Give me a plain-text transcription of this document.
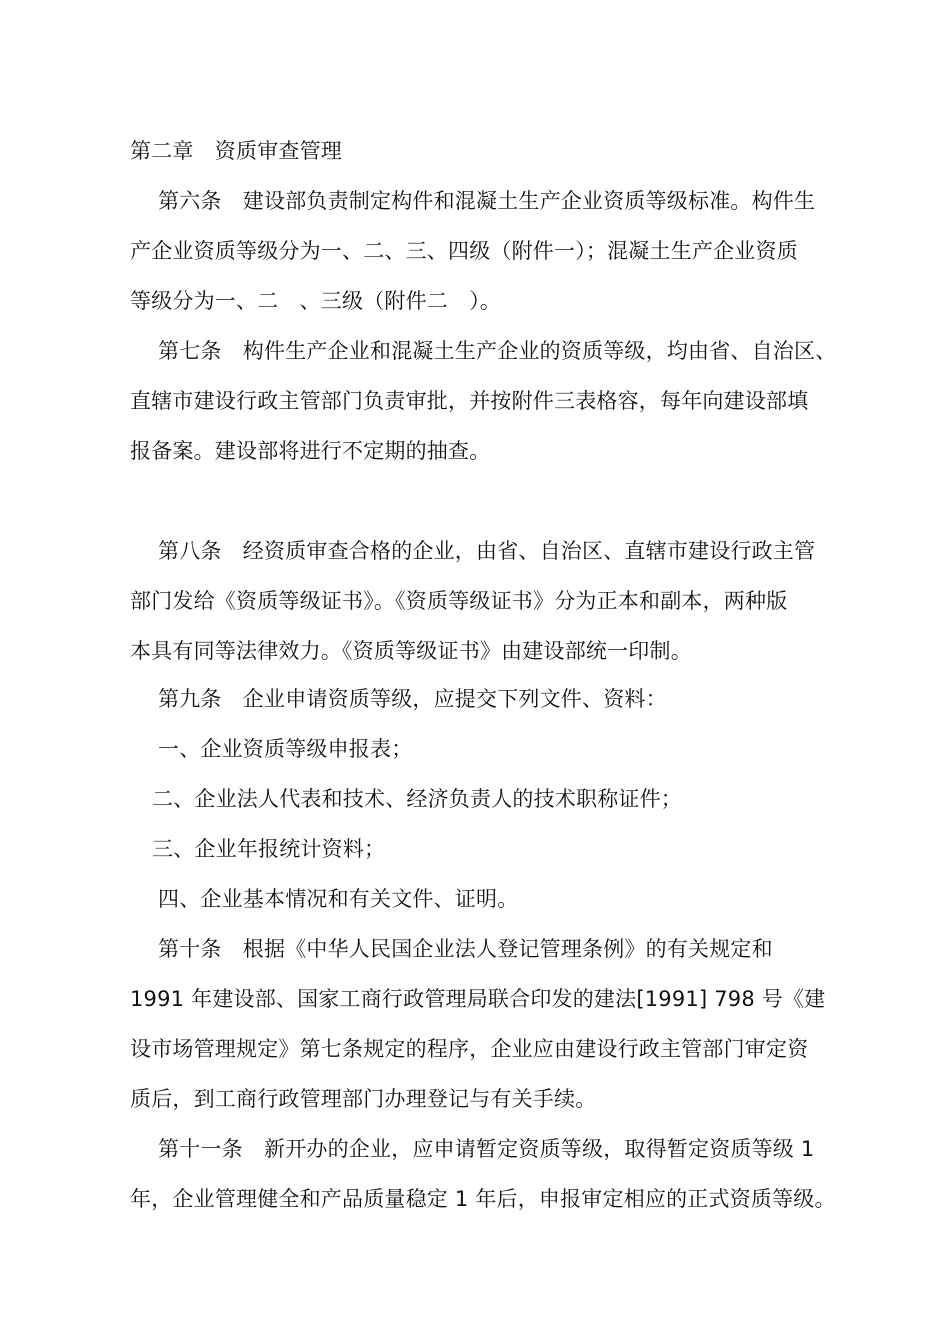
第二章　资质审查管理
第六条　建设部负责制定构件和混凝土生产企业资质等级标准。构件生
产企业资质等级分为一、二、三、四级（附件一）；混凝土生产企业资质
等级分为一、二　、三级（附件二　）。
第七条　构件生产企业和混凝土生产企业的资质等级，均由省、自治区、
直辖市建设行政主管部门负责审批，并按附件三表格容，每年向建设部填
报备案。建设部将进行不定期的抽查。
第八条　经资质审查合格的企业，由省、自治区、直辖市建设行政主管
部门发给《资质等级证书》。《资质等级证书》分为正本和副本，两种版
本具有同等法律效力。《资质等级证书》由建设部统一印制。
第九条　企业申请资质等级，应提交下列文件、资料：
一、企业资质等级申报表；
二、企业法人代表和技术、经济负责人的技术职称证件；
三、企业年报统计资料；
四、企业基本情况和有关文件、证明。
第十条　根据《中华人民国企业法人登记管理条例》的有关规定和
1991 年建设部、国家工商行政管理局联合印发的建法[1991] 798 号《建
设市场管理规定》第七条规定的程序，企业应由建设行政主管部门审定资
质后，到工商行政管理部门办理登记与有关手续。
第十一条　新开办的企业，应申请暂定资质等级，取得暂定资质等级 1
年，企业管理健全和产品质量稳定 1 年后，申报审定相应的正式资质等级。
